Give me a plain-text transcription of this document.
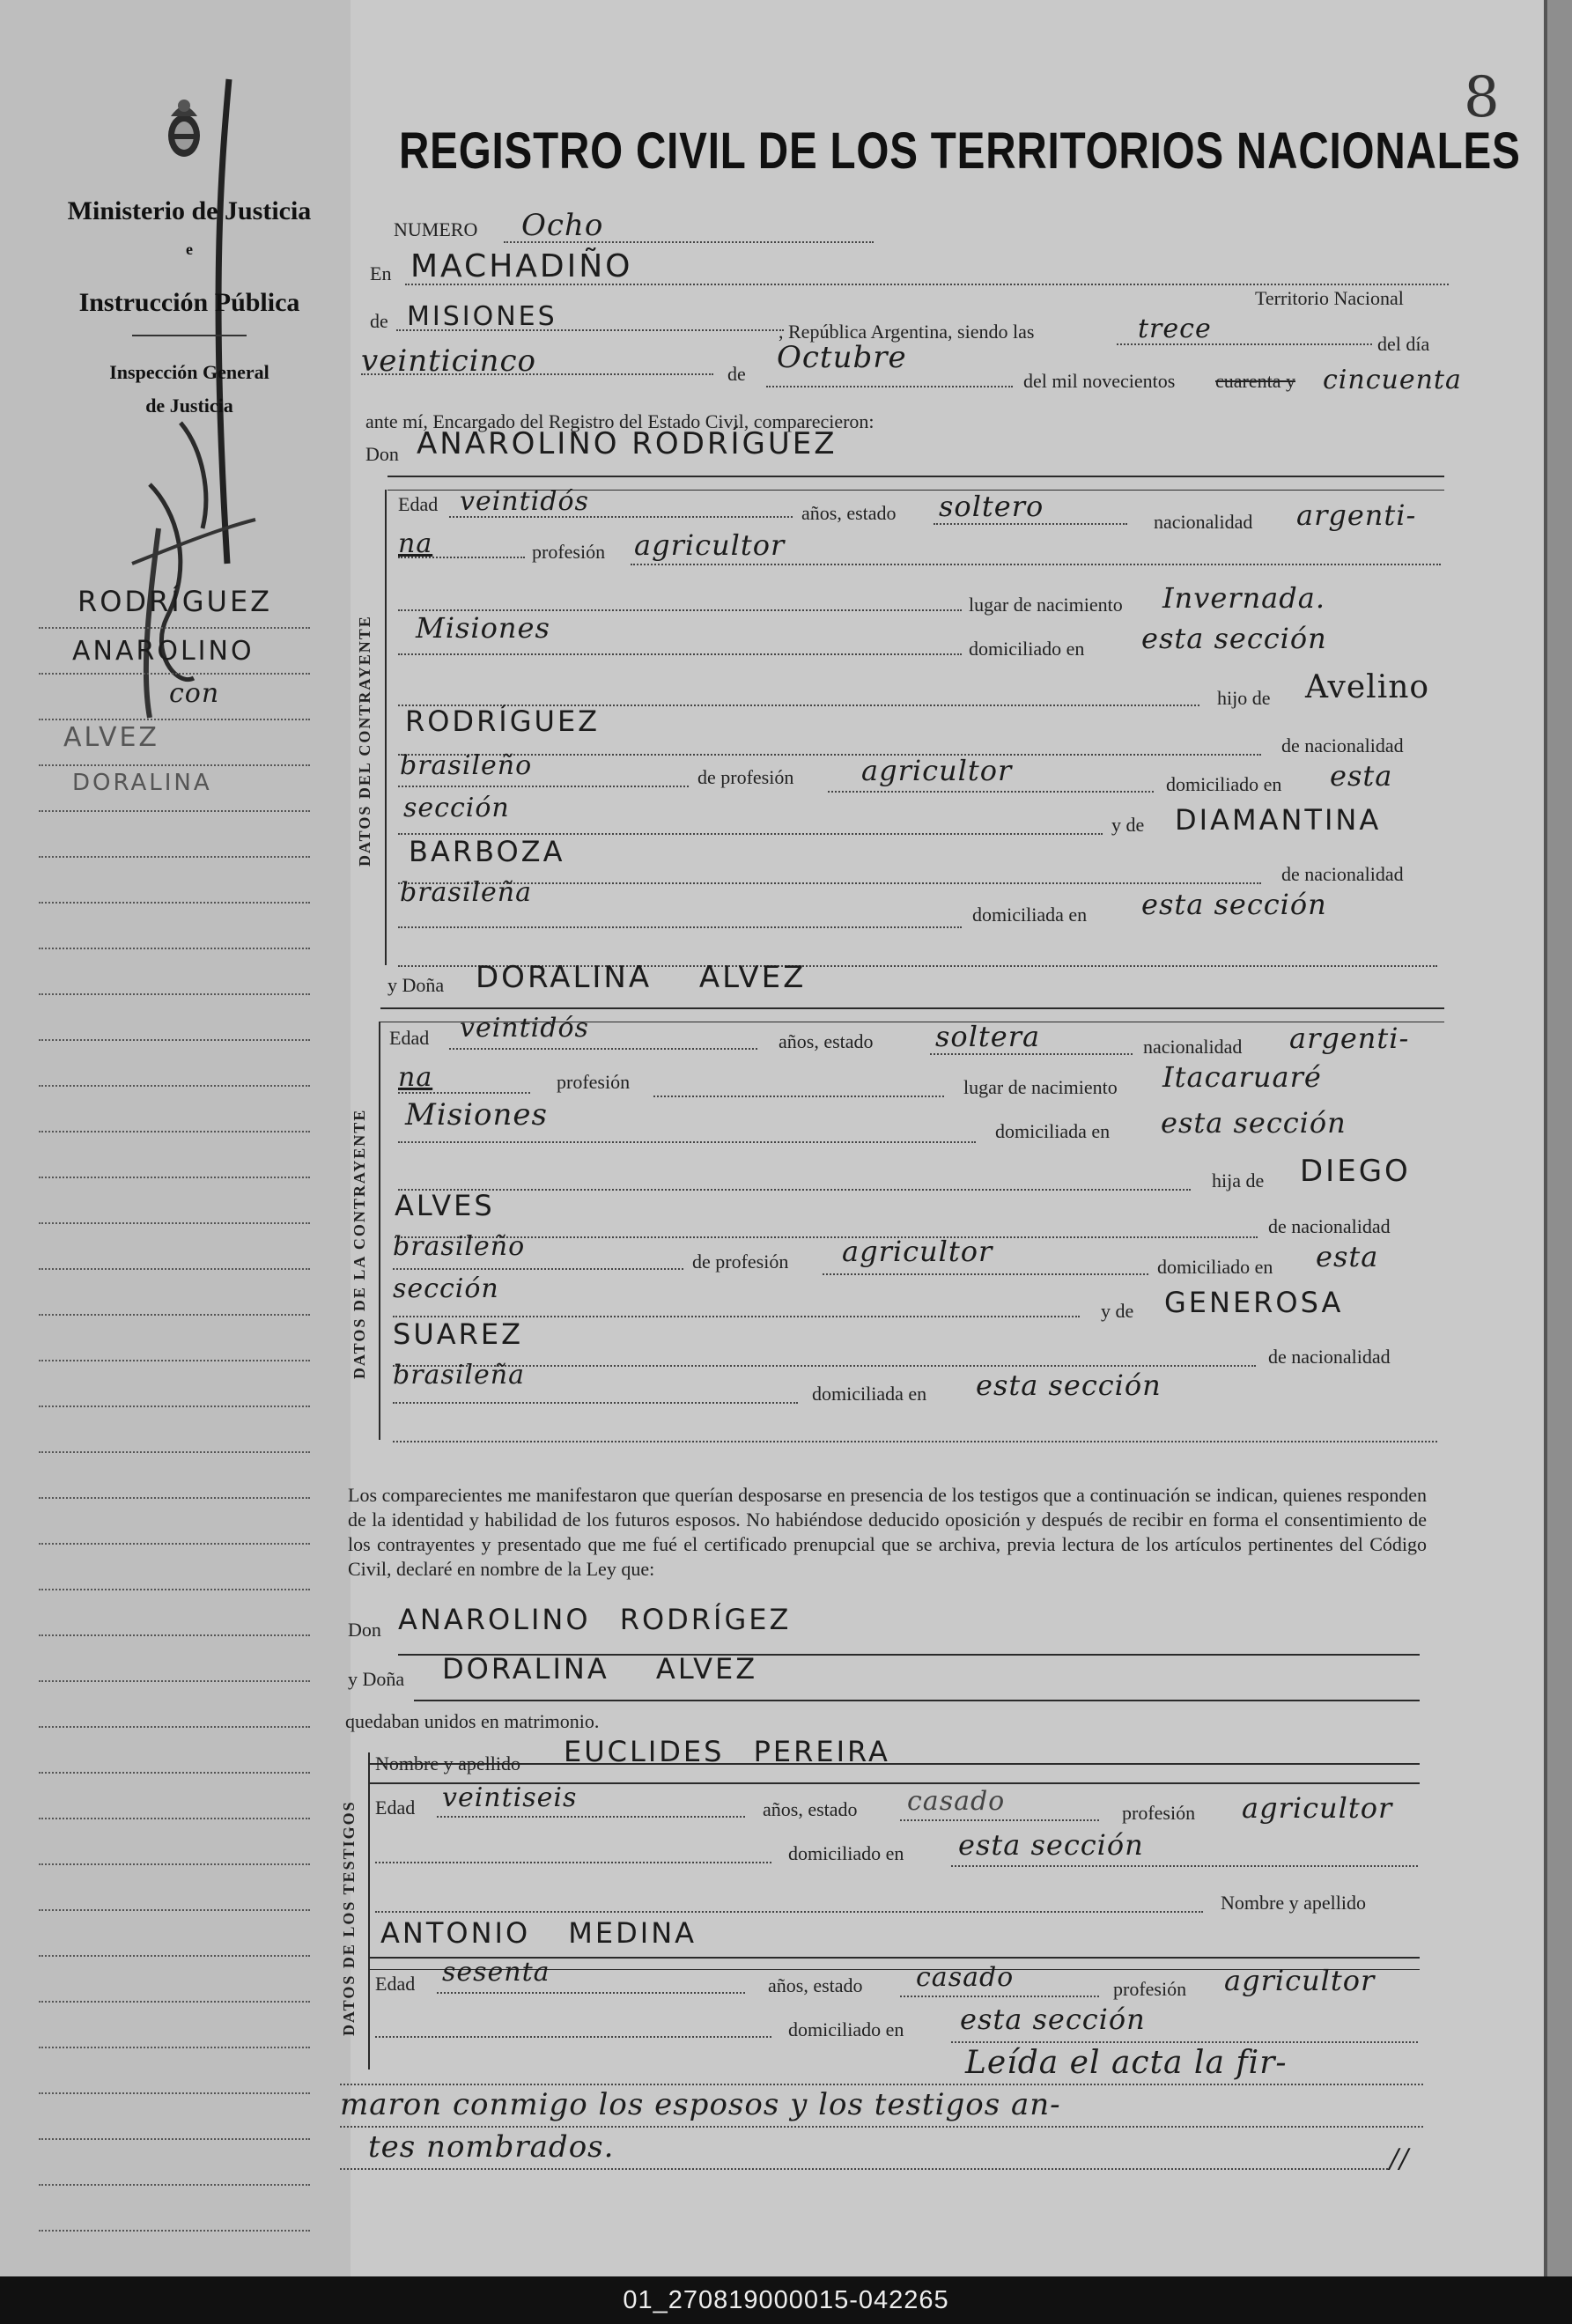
Ministerio de Justicia
e
Instrucción Pública
Inspección General
de Justicia
RODRÍGUEZ
ANAROLINO
con
ALVEZ
DORALINA
8
REGISTRO CIVIL DE LOS TERRITORIOS NACIONALES
NUMERO Ocho
En MACHADIÑO
Territorio Nacional
de MISIONES	, República Argentina, siendo las	trece	del día
veinticinco	de Octubre
del mil novecientos cuarenta y cincuenta
ante mí, Encargado del Registro del Estado Civil, comparecieron:
Don ANAROLINO RODRÍGUEZ
DATOS DEL CONTRAYENTE
Edad veintidós	años, estado soltero	nacionalidad argenti-
na	profesión agricultor
lugar de nacimiento Invernada.
Misiones
domiciliado en esta sección
hijo de Avelino
RODRÍGUEZ
de nacionalidad
brasileño	de profesión agricultor	domiciliado en esta
sección
y de DIAMANTINA
BARBOZA
de nacionalidad
brasileña
domiciliada en esta sección
y Doña DORALINA ALVEZ
DATOS DE LA CONTRAYENTE
Edad veintidós	años, estado soltera	nacionalidad argenti-
na	profesión	lugar de nacimiento Itacaruaré
Misiones	domiciliada en esta sección
hija de DIEGO
ALVES
de nacionalidad
brasileño	de profesión agricultor	domiciliado en esta
sección
y de GENEROSA
SUAREZ
de nacionalidad
brasileña
domiciliada en esta sección
Los comparecientes me manifestaron que querían desposarse en presencia de los testigos que a continuación se indican, quienes responden de la identidad y habilidad de los futuros esposos. No habiéndose deducido oposición y después de recibir en forma el consentimiento de los contrayentes y presentado que me fué el certificado prenupcial que se archiva, previa lectura de los artículos pertinentes del Código Civil, declaré en nombre de la Ley que:
Don ANAROLINO RODRÍGEZ
y Doña DORALINA ALVEZ
quedaban unidos en matrimonio.
DATOS DE LOS TESTIGOS
Nombre y apellido EUCLIDES PEREIRA
Edad veintiseis	años, estado casado	profesión agricultor
domiciliado en esta sección
Nombre y apellido
ANTONIO MEDINA
Edad sesenta	años, estado casado	profesión agricultor
domiciliado en esta sección
Leída el acta la fir-
maron conmigo los esposos y los testigos an-
tes nombrados.	//
01_270819000015-042265
